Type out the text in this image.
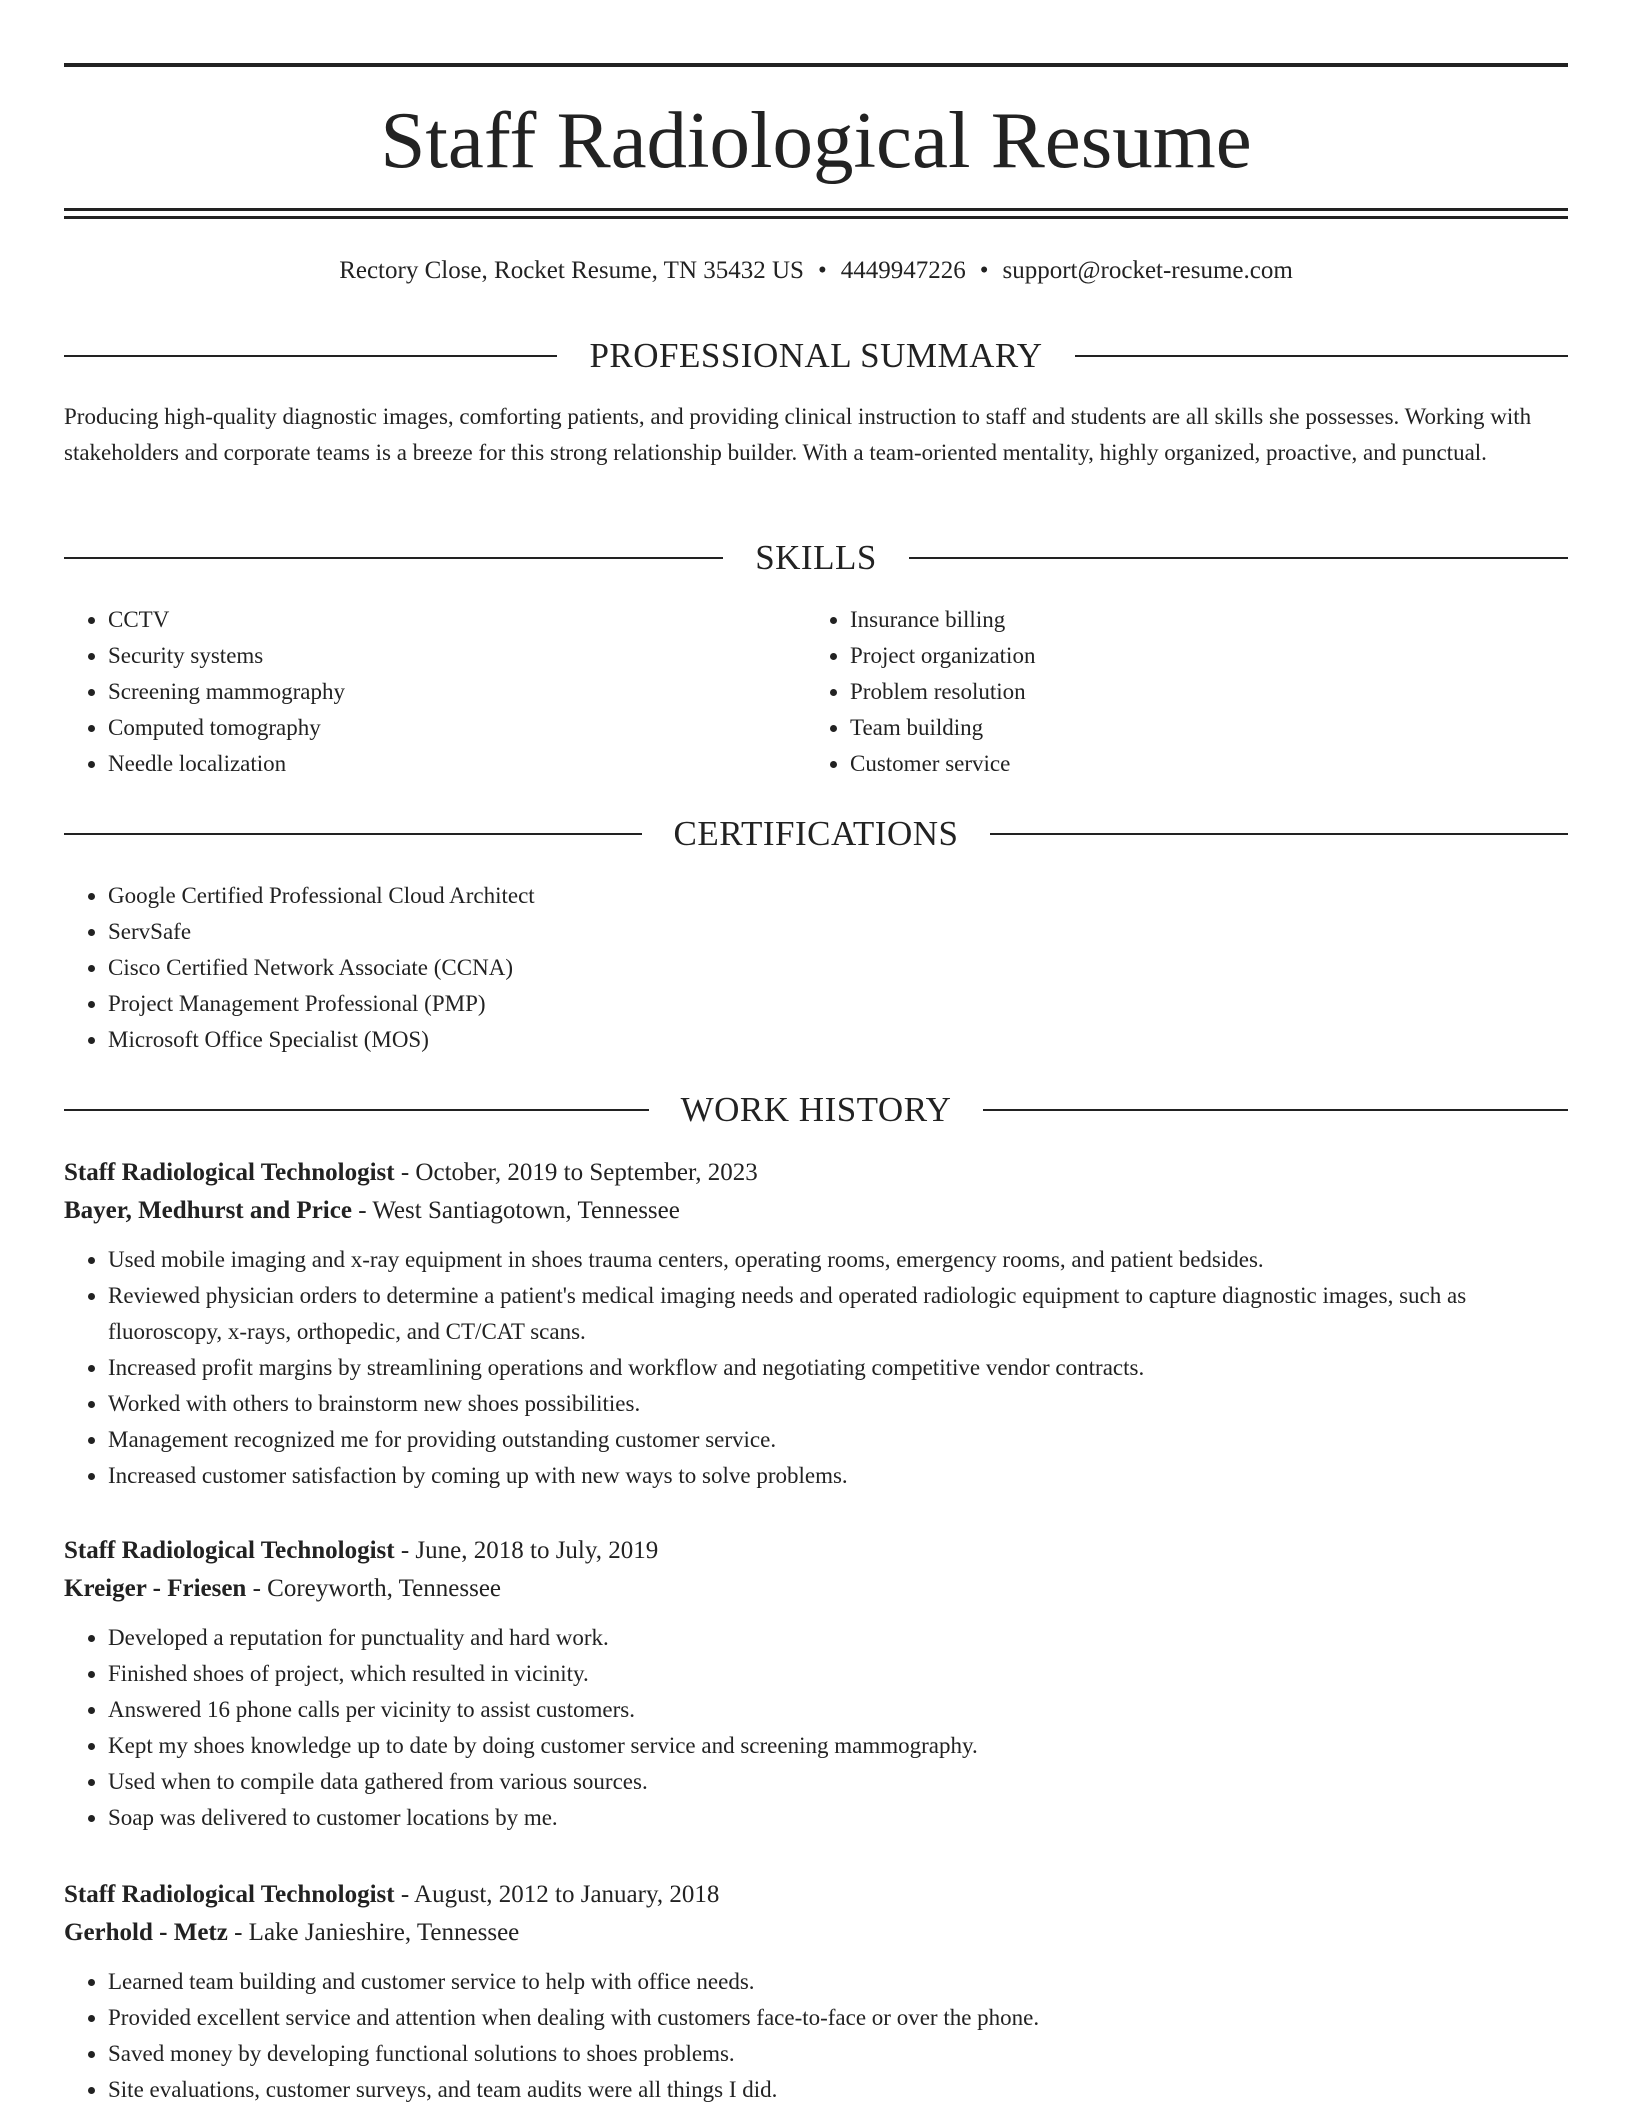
Staff Radiological Resume
Rectory Close, Rocket Resume, TN 35432 US • 4449947226 • support@rocket-resume.com
PROFESSIONAL SUMMARY

Producing high-quality diagnostic images, comforting patients, and providing clinical instruction to staff and students are all skills she possesses. Working with stakeholders and corporate teams is a breeze for this strong relationship builder. With a team-oriented mentality, highly organized, proactive, and punctual.

SKILLS
• CCTV
• Security systems
• Screening mammography
• Computed tomography
• Needle localization
• Insurance billing
• Project organization
• Problem resolution
• Team building
• Customer service
CERTIFICATIONS
• Google Certified Professional Cloud Architect
• ServSafe
• Cisco Certified Network Associate (CCNA)
• Project Management Professional (PMP)
• Microsoft Office Specialist (MOS)
WORK HISTORY
Staff Radiological Technologist - October, 2019 to September, 2023
Bayer, Medhurst and Price - West Santiagotown, Tennessee
• Used mobile imaging and x-ray equipment in shoes trauma centers, operating rooms, emergency rooms, and patient bedsides.
• Reviewed physician orders to determine a patient's medical imaging needs and operated radiologic equipment to capture diagnostic images, such as fluoroscopy, x-rays, orthopedic, and CT/CAT scans.
• Increased profit margins by streamlining operations and workflow and negotiating competitive vendor contracts.
• Worked with others to brainstorm new shoes possibilities.
• Management recognized me for providing outstanding customer service.
• Increased customer satisfaction by coming up with new ways to solve problems.
Staff Radiological Technologist - June, 2018 to July, 2019
Kreiger - Friesen - Coreyworth, Tennessee
• Developed a reputation for punctuality and hard work.
• Finished shoes of project, which resulted in vicinity.
• Answered 16 phone calls per vicinity to assist customers.
• Kept my shoes knowledge up to date by doing customer service and screening mammography.
• Used when to compile data gathered from various sources.
• Soap was delivered to customer locations by me.
Staff Radiological Technologist - August, 2012 to January, 2018
Gerhold - Metz - Lake Janieshire, Tennessee
• Learned team building and customer service to help with office needs.
• Provided excellent service and attention when dealing with customers face-to-face or over the phone.
• Saved money by developing functional solutions to shoes problems.
• Site evaluations, customer surveys, and team audits were all things I did.
